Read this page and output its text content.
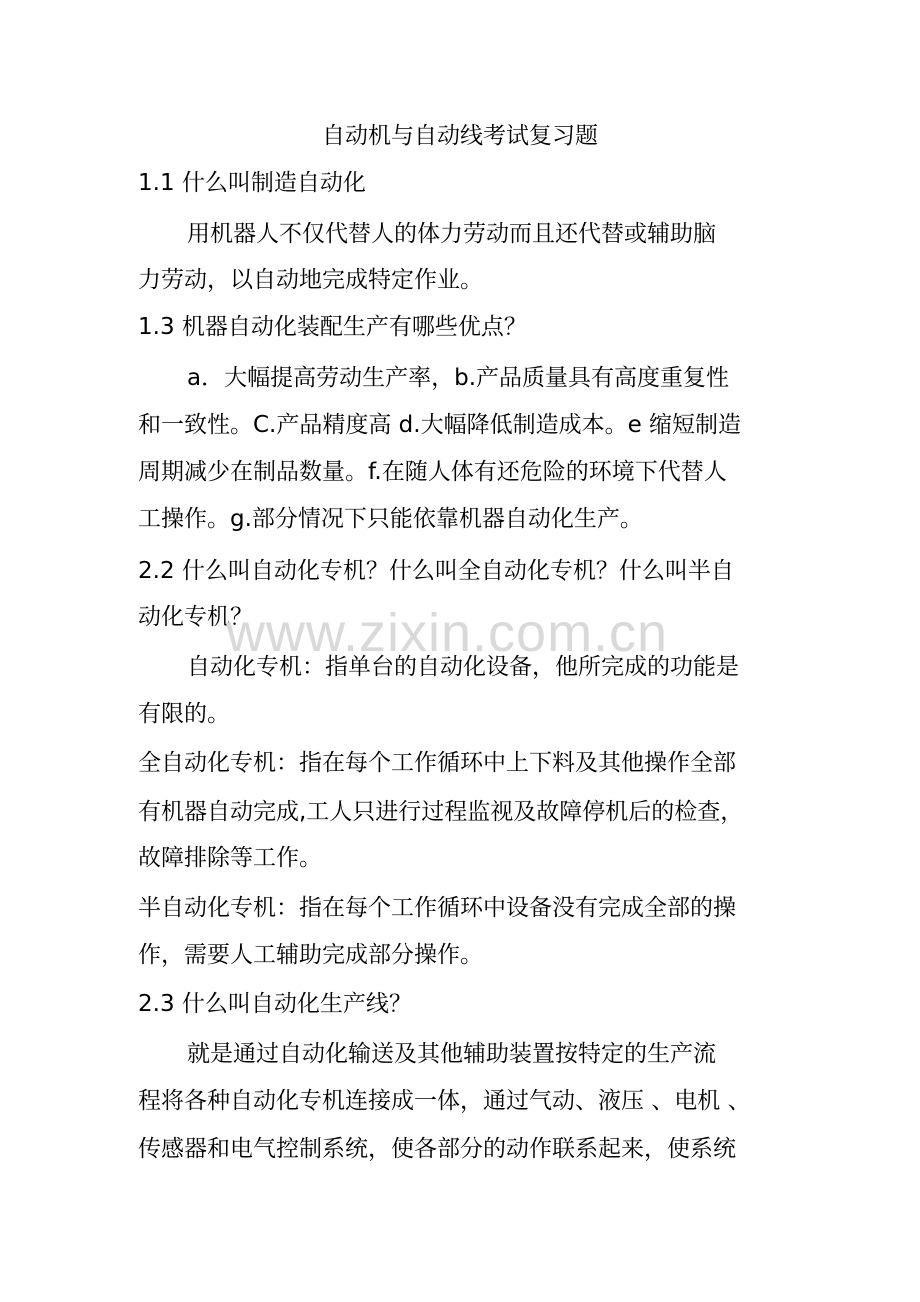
自动机与自动线考试复习题
1.1 什么叫制造自动化
用机器人不仅代替人的体力劳动而且还代替或辅助脑
力劳动，以自动地完成特定作业。
1.3 机器自动化装配生产有哪些优点？
a．大幅提高劳动生产率，b.产品质量具有高度重复性
和一致性。C.产品精度高 d.大幅降低制造成本。e 缩短制造
周期减少在制品数量。f.在随人体有还危险的环境下代替人
工操作。g.部分情况下只能依靠机器自动化生产。
2.2 什么叫自动化专机？什么叫全自动化专机？什么叫半自
动化专机？
自动化专机：指单台的自动化设备，他所完成的功能是
有限的。
全自动化专机：指在每个工作循环中上下料及其他操作全部
有机器自动完成,工人只进行过程监视及故障停机后的检查，
故障排除等工作。
半自动化专机：指在每个工作循环中设备没有完成全部的操
作，需要人工辅助完成部分操作。
2.3 什么叫自动化生产线？
就是通过自动化输送及其他辅助装置按特定的生产流
程将各种自动化专机连接成一体，通过气动、液压 、电机 、
传感器和电气控制系统，使各部分的动作联系起来，使系统
www.zixin.com.cn
